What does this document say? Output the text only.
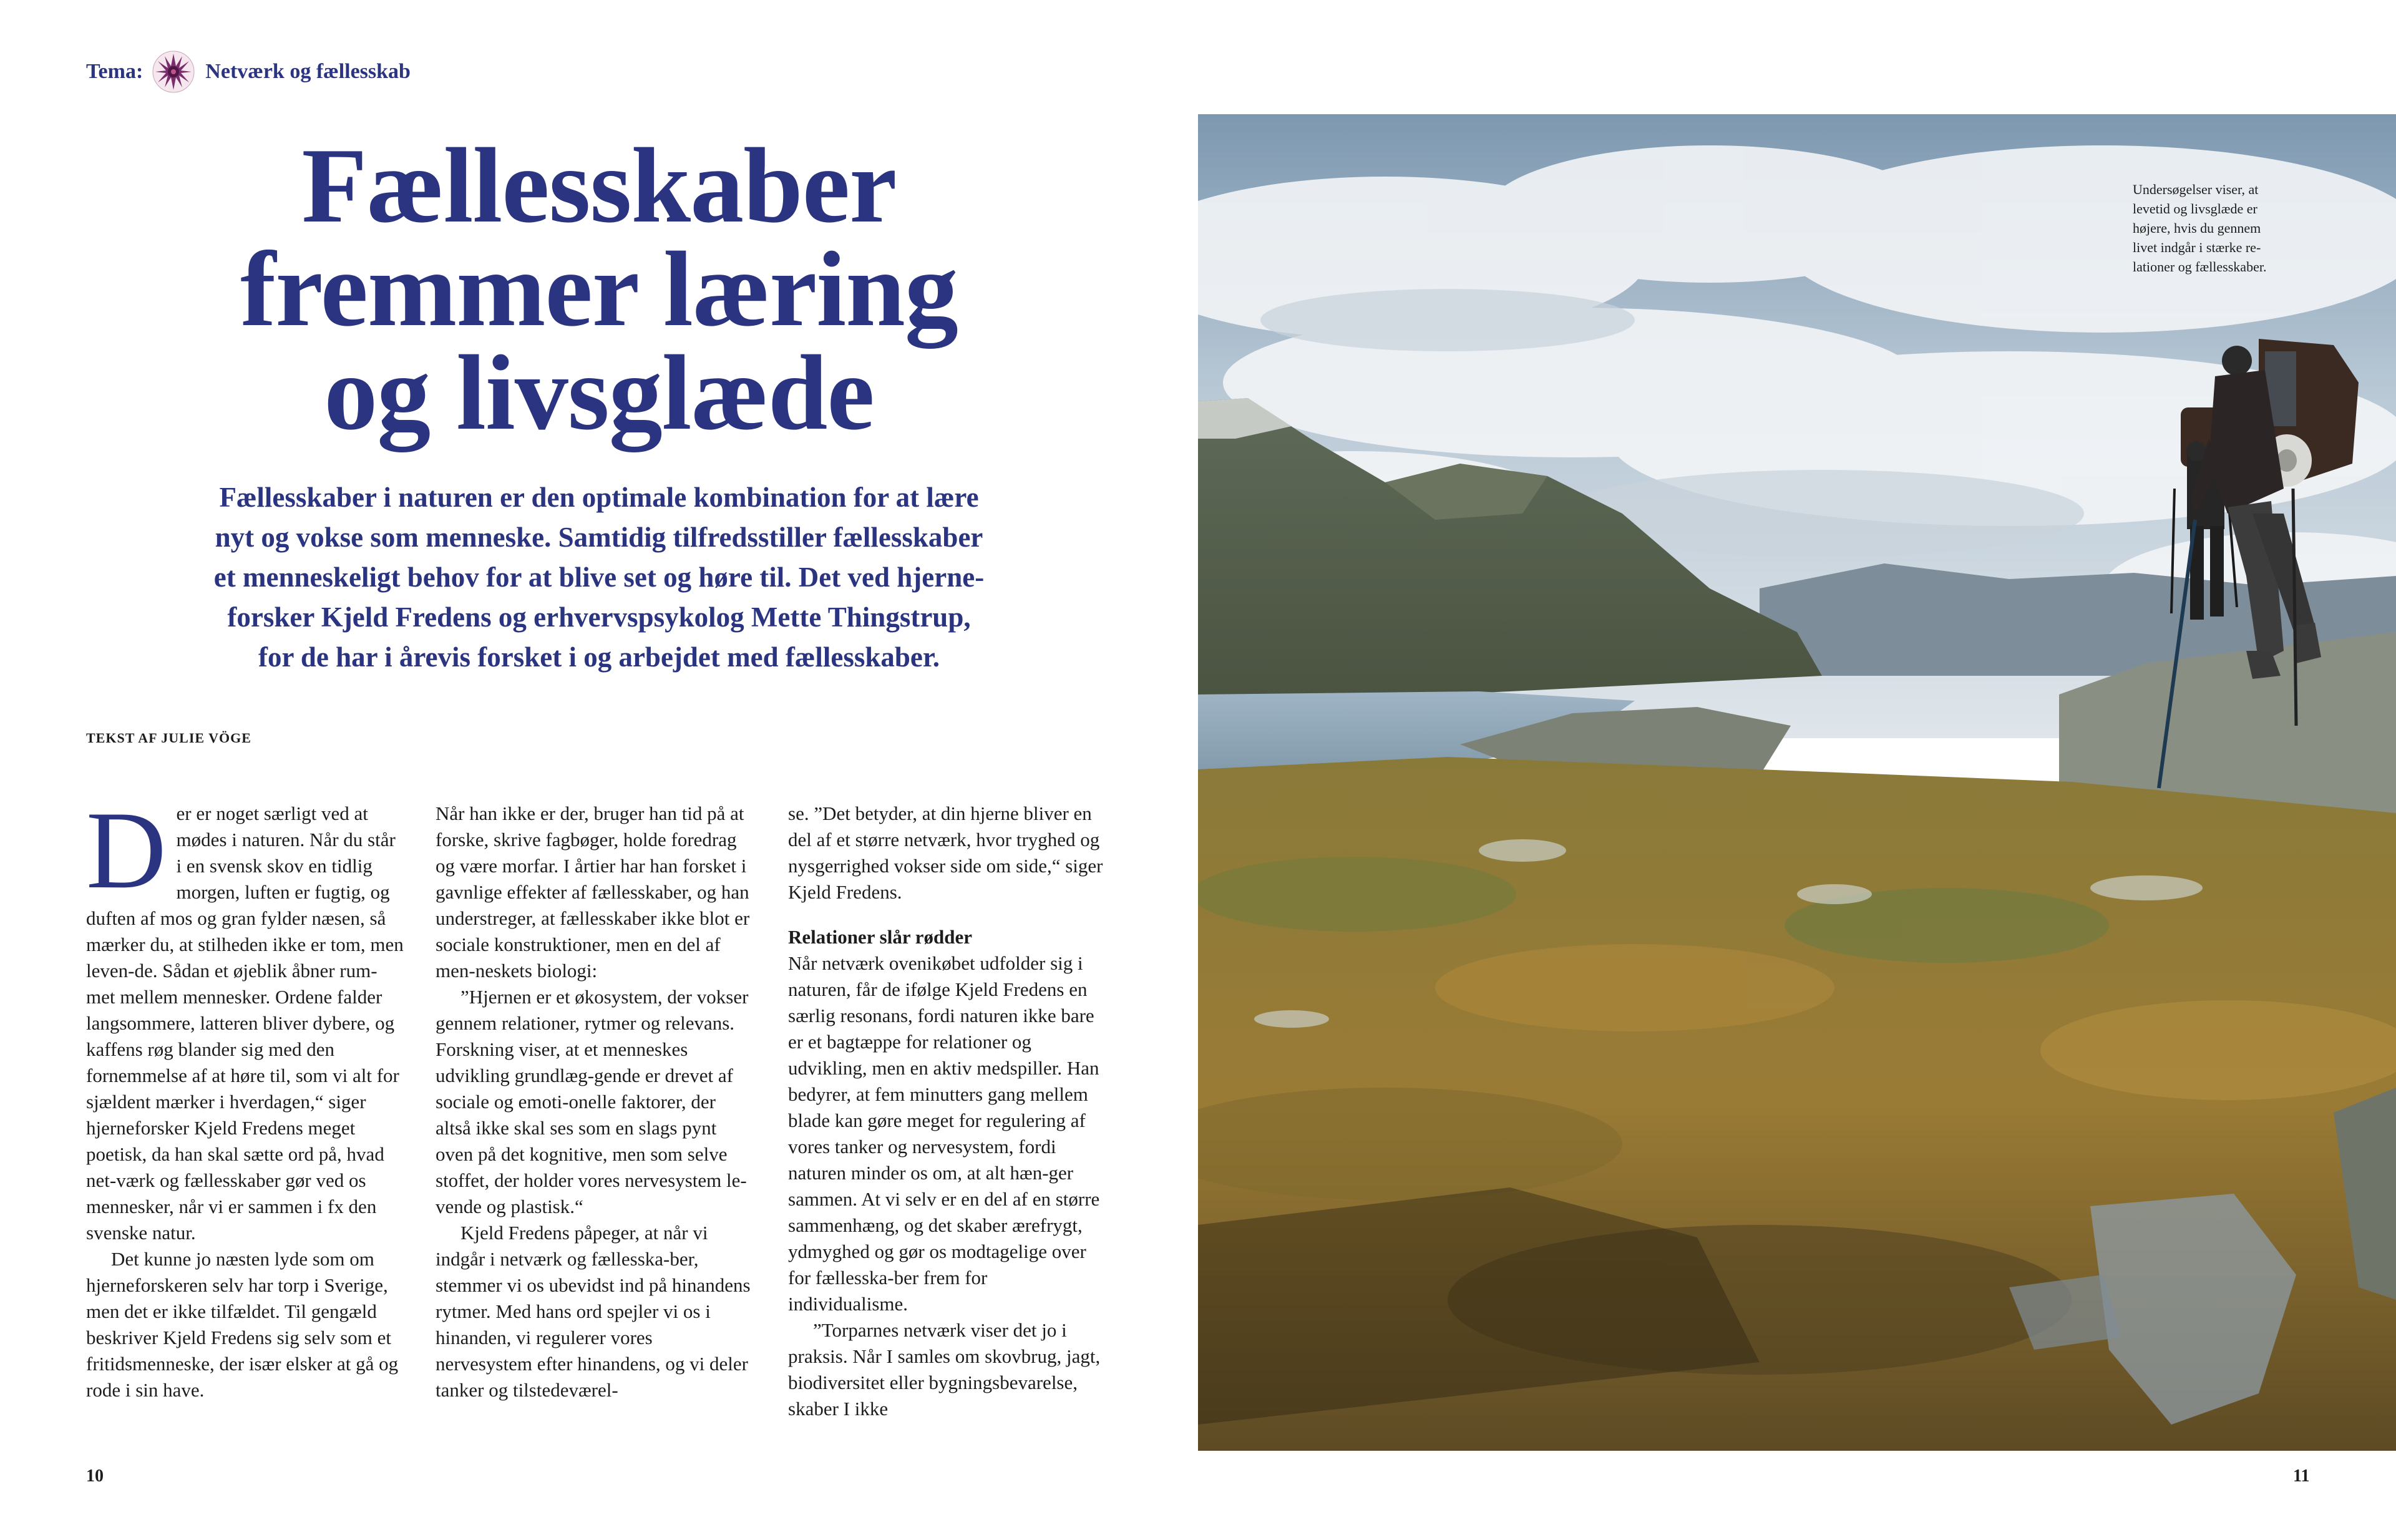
Tema:	Netværk og fællesskab
Fællesskaber
fremmer læring
og livsglæde
Fællesskaber i naturen er den optimale kombination for at lære
nyt og vokse som menneske. Samtidig tilfredsstiller fællesskaber
et menneskeligt behov for at blive set og høre til. Det ved hjerne-
forsker Kjeld Fredens og erhvervspsykolog Mette Thingstrup,
for de har i årevis forsket i og arbejdet med fællesskaber.
TEKST AF JULIE VÖGE
D er er noget særligt ved at mødes i naturen. Når du står i en svensk skov en tidlig morgen, luften er fugtig, og duften af mos og gran fylder næsen, så mærker du, at stilheden ikke er tom, men leven-de. Sådan et øjeblik åbner rum-met mellem mennesker. Ordene falder langsommere, latteren bliver dybere, og kaffens røg blander sig med den fornemmelse af at høre til, som vi alt for sjældent mærker i hverdagen,“ siger hjerneforsker Kjeld Fredens meget poetisk, da han skal sætte ord på, hvad net-værk og fællesskaber gør ved os mennesker, når vi er sammen i fx den svenske natur.

Det kunne jo næsten lyde som om hjerneforskeren selv har torp i Sverige, men det er ikke tilfældet. Til gengæld beskriver Kjeld Fredens sig selv som et fritidsmenneske, der især elsker at gå og rode i sin have.

Når han ikke er der, bruger han tid på at forske, skrive fagbøger, holde foredrag og være morfar. I årtier har han forsket i gavnlige effekter af fællesskaber, og han understreger, at fællesskaber ikke blot er sociale konstruktioner, men en del af men-neskets biologi:

”Hjernen er et økosystem, der vokser gennem relationer, rytmer og relevans. Forskning viser, at et menneskes udvikling grundlæg-gende er drevet af sociale og emoti-onelle faktorer, der altså ikke skal ses som en slags pynt oven på det kognitive, men som selve stoffet, der holder vores nervesystem le-vende og plastisk.“

Kjeld Fredens påpeger, at når vi indgår i netværk og fællesska-ber, stemmer vi os ubevidst ind på hinandens rytmer. Med hans ord spejler vi os i hinanden, vi regulerer vores nervesystem efter hinandens, og vi deler tanker og tilstedeværel-

se. ”Det betyder, at din hjerne bliver en del af et større netværk, hvor tryghed og nysgerrighed vokser side om side,“ siger Kjeld Fredens.

Relationer slår rødder

Når netværk ovenikøbet udfolder sig i naturen, får de ifølge Kjeld Fredens en særlig resonans, fordi naturen ikke bare er et bagtæppe for relationer og udvikling, men en aktiv medspiller. Han bedyrer, at fem minutters gang mellem blade kan gøre meget for regulering af vores tanker og nervesystem, fordi naturen minder os om, at alt hæn-ger sammen. At vi selv er en del af en større sammenhæng, og det skaber ærefrygt, ydmyghed og gør os modtagelige over for fællesska-ber frem for individualisme.

”Torparnes netværk viser det jo i praksis. Når I samles om skovbrug, jagt, biodiversitet eller bygningsbevarelse, skaber I ikke

10
Undersøgelser viser, at
levetid og livsglæde er
højere, hvis du gennem
livet indgår i stærke re-
lationer og fællesskaber.
11
